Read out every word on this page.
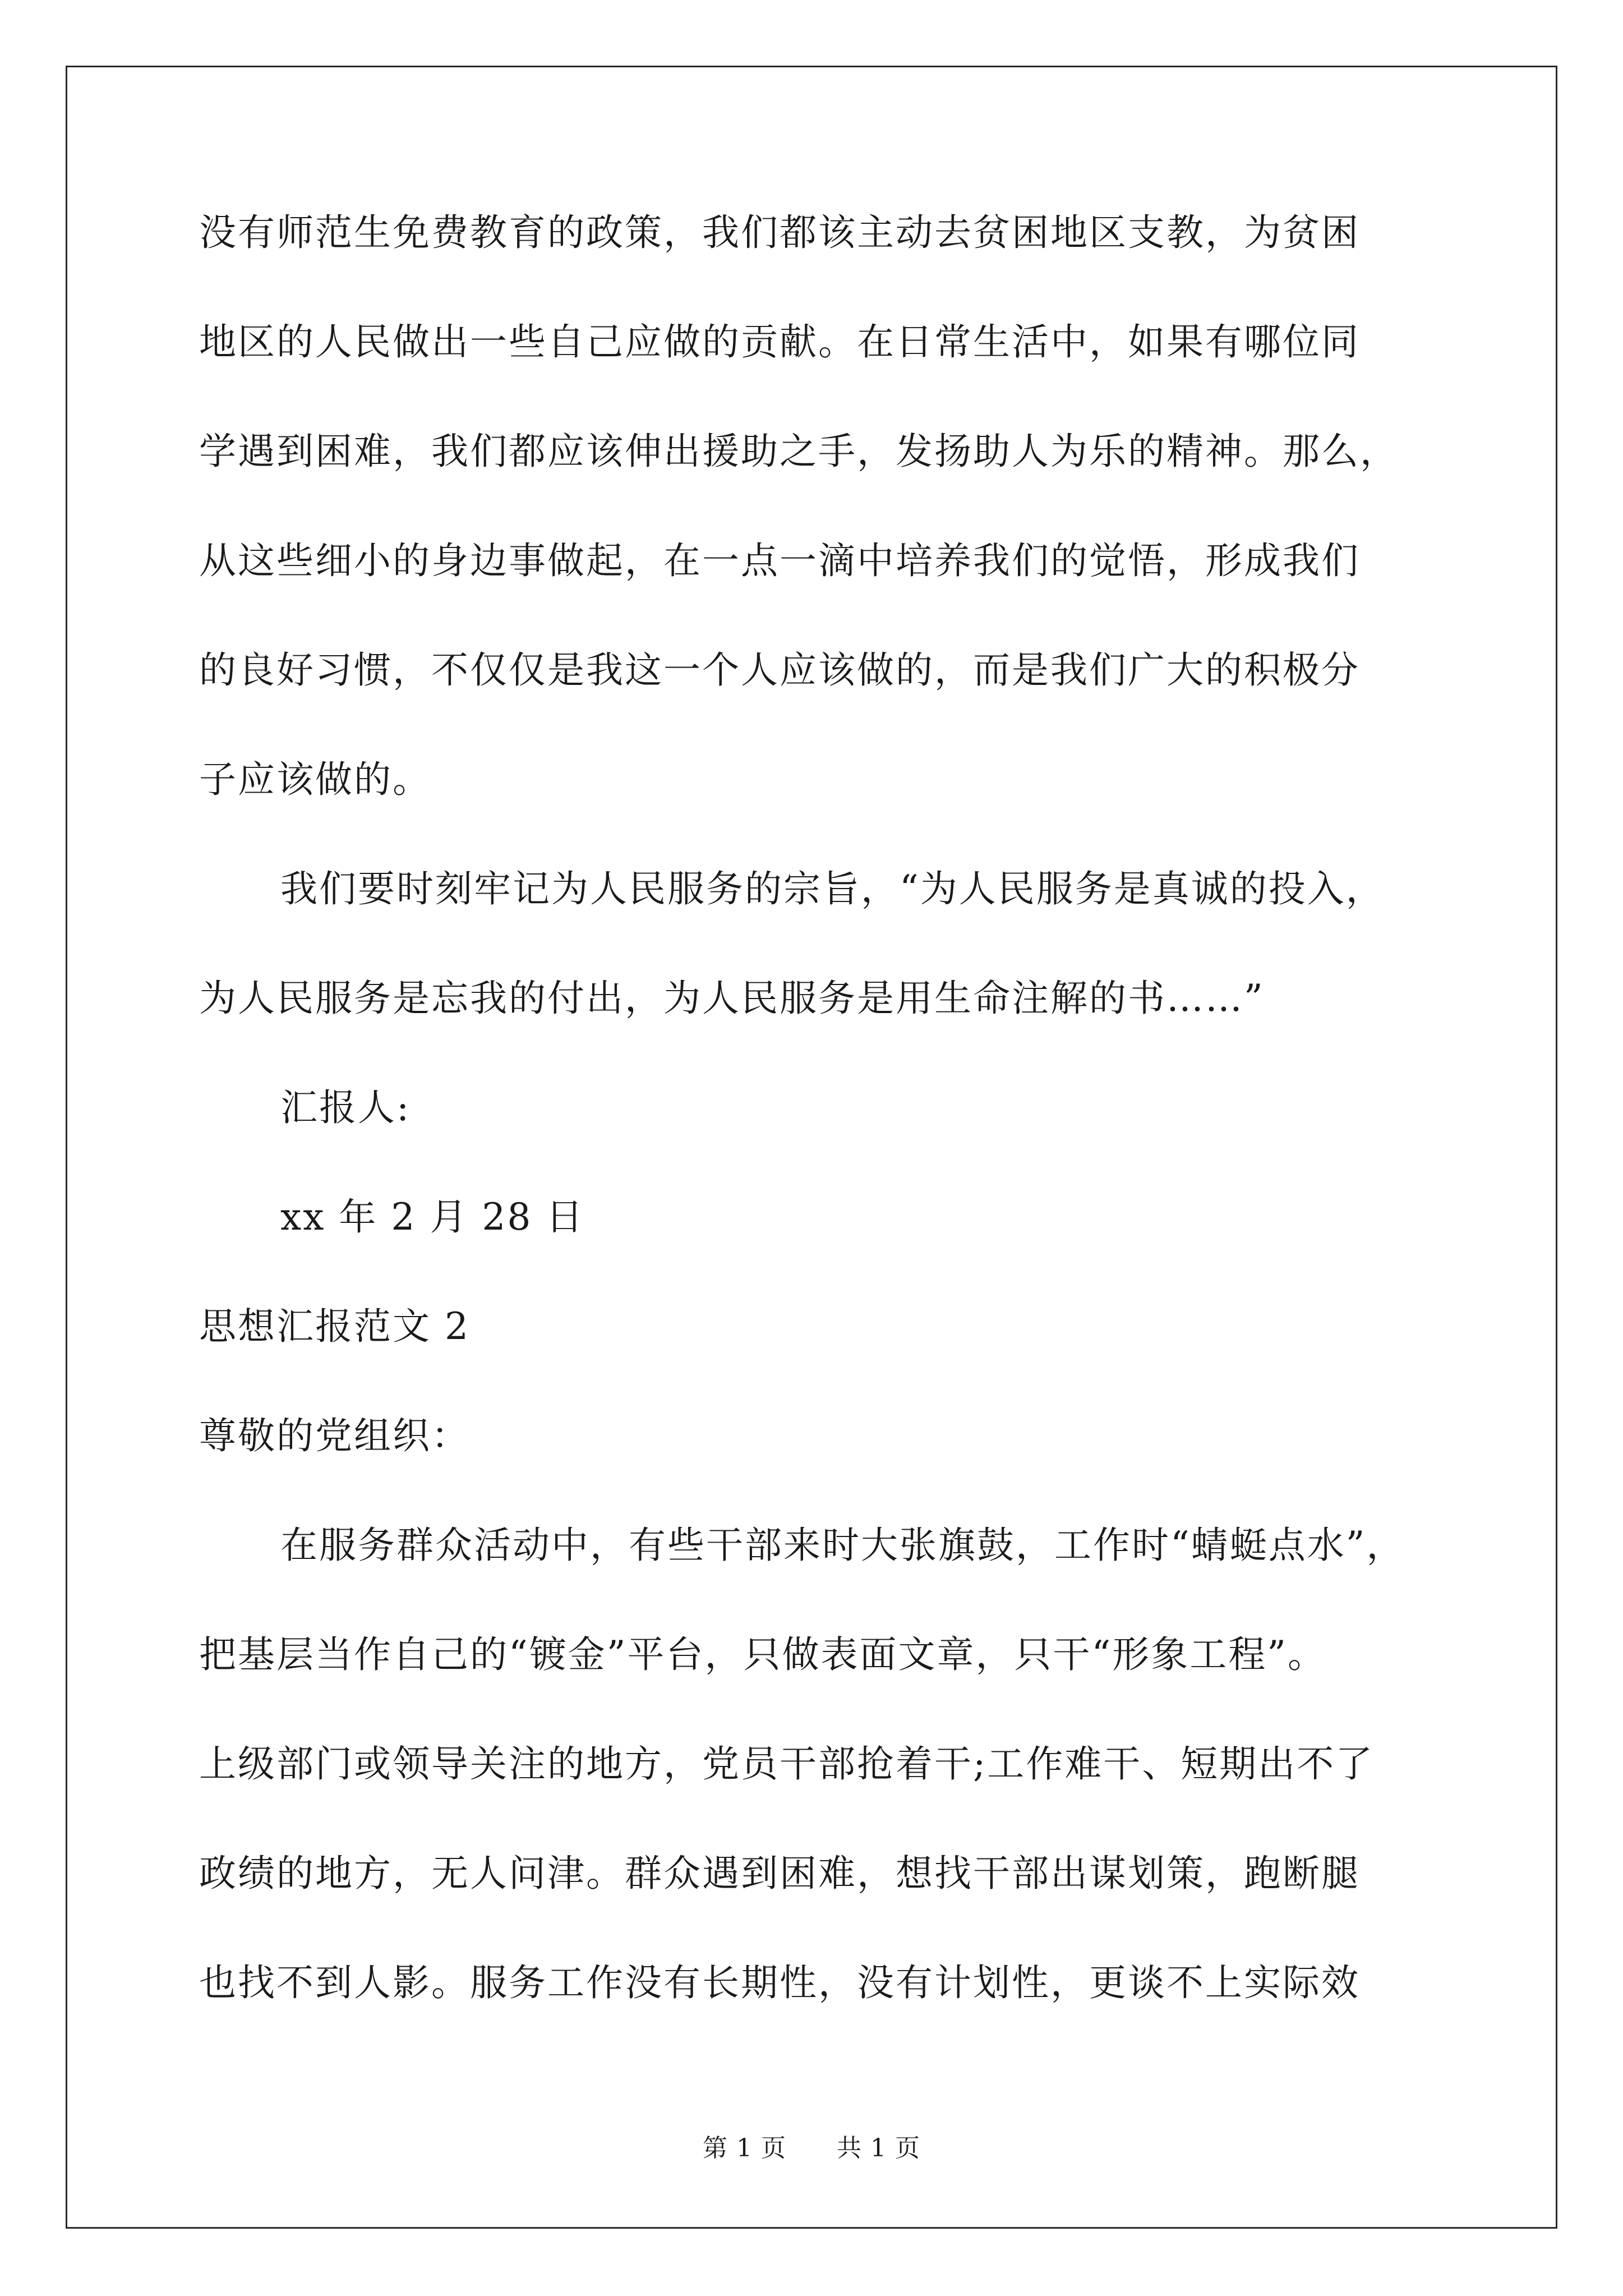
没有师范生免费教育的政策，我们都该主动去贫困地区支教，为贫困
地区的人民做出一些自己应做的贡献。在日常生活中，如果有哪位同
学遇到困难，我们都应该伸出援助之手，发扬助人为乐的精神。那么，
从这些细小的身边事做起，在一点一滴中培养我们的觉悟，形成我们
的良好习惯，不仅仅是我这一个人应该做的，而是我们广大的积极分
子应该做的。
我们要时刻牢记为人民服务的宗旨，“为人民服务是真诚的投入，
为人民服务是忘我的付出，为人民服务是用生命注解的书……”
汇报人:
xx 年 2 月 28 日
思想汇报范文 2
尊敬的党组织：
在服务群众活动中，有些干部来时大张旗鼓，工作时“蜻蜓点水”，
把基层当作自己的“镀金”平台，只做表面文章，只干“形象工程”。
上级部门或领导关注的地方，党员干部抢着干;工作难干、短期出不了
政绩的地方，无人问津。群众遇到困难，想找干部出谋划策，跑断腿
也找不到人影。服务工作没有长期性，没有计划性，更谈不上实际效
第 1 页 共 1 页
